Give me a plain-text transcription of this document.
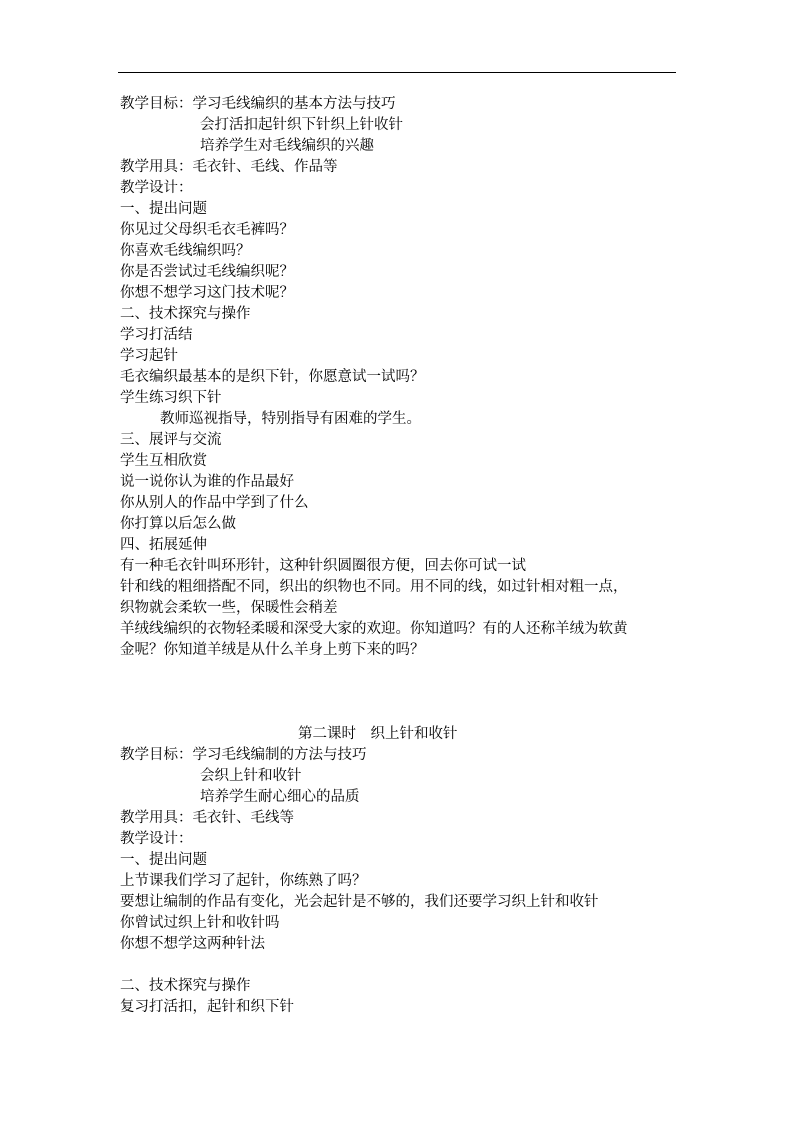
教学目标：学习毛线编织的基本方法与技巧
会打活扣起针织下针织上针收针
培养学生对毛线编织的兴趣
教学用具：毛衣针、毛线、作品等
教学设计：
一、提出问题
你见过父母织毛衣毛裤吗？
你喜欢毛线编织吗？
你是否尝试过毛线编织呢？
你想不想学习这门技术呢？
二、技术探究与操作
学习打活结
学习起针
毛衣编织最基本的是织下针，你愿意试一试吗？
学生练习织下针
教师巡视指导，特别指导有困难的学生。
三、展评与交流
学生互相欣赏
说一说你认为谁的作品最好
你从别人的作品中学到了什么
你打算以后怎么做
四、拓展延伸
有一种毛衣针叫环形针，这种针织圆圈很方便，回去你可试一试
针和线的粗细搭配不同，织出的织物也不同。用不同的线，如过针相对粗一点，
织物就会柔软一些，保暖性会稍差
羊绒线编织的衣物轻柔暖和深受大家的欢迎。你知道吗？有的人还称羊绒为软黄
金呢？你知道羊绒是从什么羊身上剪下来的吗？
第二课时　织上针和收针
教学目标：学习毛线编制的方法与技巧
会织上针和收针
培养学生耐心细心的品质
教学用具：毛衣针、毛线等
教学设计：
一、提出问题
上节课我们学习了起针，你练熟了吗？
要想让编制的作品有变化，光会起针是不够的，我们还要学习织上针和收针
你曾试过织上针和收针吗
你想不想学这两种针法
二、技术探究与操作
复习打活扣，起针和织下针
